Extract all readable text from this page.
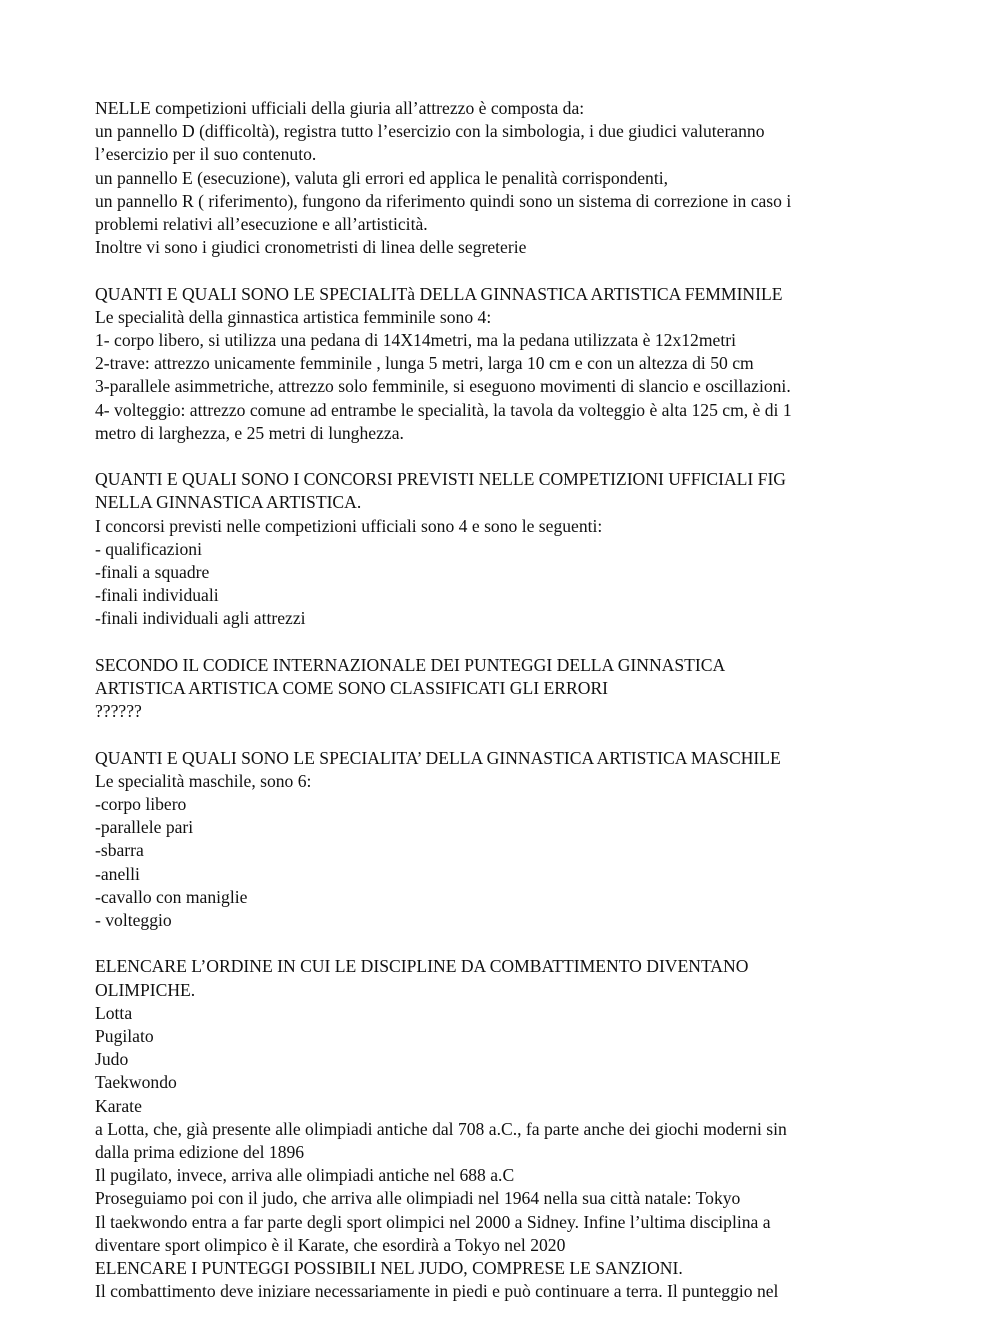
NELLE competizioni ufficiali della giuria all’attrezzo è composta da:
un pannello D (difficoltà), registra tutto l’esercizio con la simbologia, i due giudici valuteranno
l’esercizio per il suo contenuto.
un pannello E (esecuzione), valuta gli errori ed applica le penalità corrispondenti,
un pannello R ( riferimento), fungono da riferimento quindi sono un sistema di correzione in caso i
problemi relativi all’esecuzione e all’artisticità.
Inoltre vi sono i giudici cronometristi di linea delle segreterie
QUANTI E QUALI SONO LE SPECIALITà DELLA GINNASTICA ARTISTICA FEMMINILE
Le specialità della ginnastica artistica femminile sono 4:
1- corpo libero, si utilizza una pedana di 14X14metri, ma la pedana utilizzata è 12x12metri
2-trave: attrezzo unicamente femminile , lunga 5 metri, larga 10 cm e con un altezza di 50 cm
3-parallele asimmetriche, attrezzo solo femminile, si eseguono movimenti di slancio e oscillazioni.
4- volteggio: attrezzo comune ad entrambe le specialità, la tavola da volteggio è alta 125 cm, è di 1
metro di larghezza, e 25 metri di lunghezza.
QUANTI E QUALI SONO I CONCORSI PREVISTI NELLE COMPETIZIONI UFFICIALI FIG
NELLA GINNASTICA ARTISTICA.
I concorsi previsti nelle competizioni ufficiali sono 4 e sono le seguenti:
- qualificazioni
-finali a squadre
-finali individuali
-finali individuali agli attrezzi
SECONDO IL CODICE INTERNAZIONALE DEI PUNTEGGI DELLA GINNASTICA
ARTISTICA ARTISTICA COME SONO CLASSIFICATI GLI ERRORI
??????
QUANTI E QUALI SONO LE SPECIALITA’ DELLA GINNASTICA ARTISTICA MASCHILE
Le specialità maschile, sono 6:
-corpo libero
-parallele pari
-sbarra
-anelli
-cavallo con maniglie
- volteggio
ELENCARE L’ORDINE IN CUI LE DISCIPLINE DA COMBATTIMENTO DIVENTANO
OLIMPICHE.
Lotta
Pugilato
Judo
Taekwondo
Karate
a Lotta, che, già presente alle olimpiadi antiche dal 708 a.C., fa parte anche dei giochi moderni sin
dalla prima edizione del 1896
Il pugilato, invece, arriva alle olimpiadi antiche nel 688 a.C
Proseguiamo poi con il judo, che arriva alle olimpiadi nel 1964 nella sua città natale: Tokyo
Il taekwondo entra a far parte degli sport olimpici nel 2000 a Sidney. Infine l’ultima disciplina a
diventare sport olimpico è il Karate, che esordirà a Tokyo nel 2020
ELENCARE I PUNTEGGI POSSIBILI NEL JUDO, COMPRESE LE SANZIONI.
Il combattimento deve iniziare necessariamente in piedi e può continuare a terra. Il punteggio nel
